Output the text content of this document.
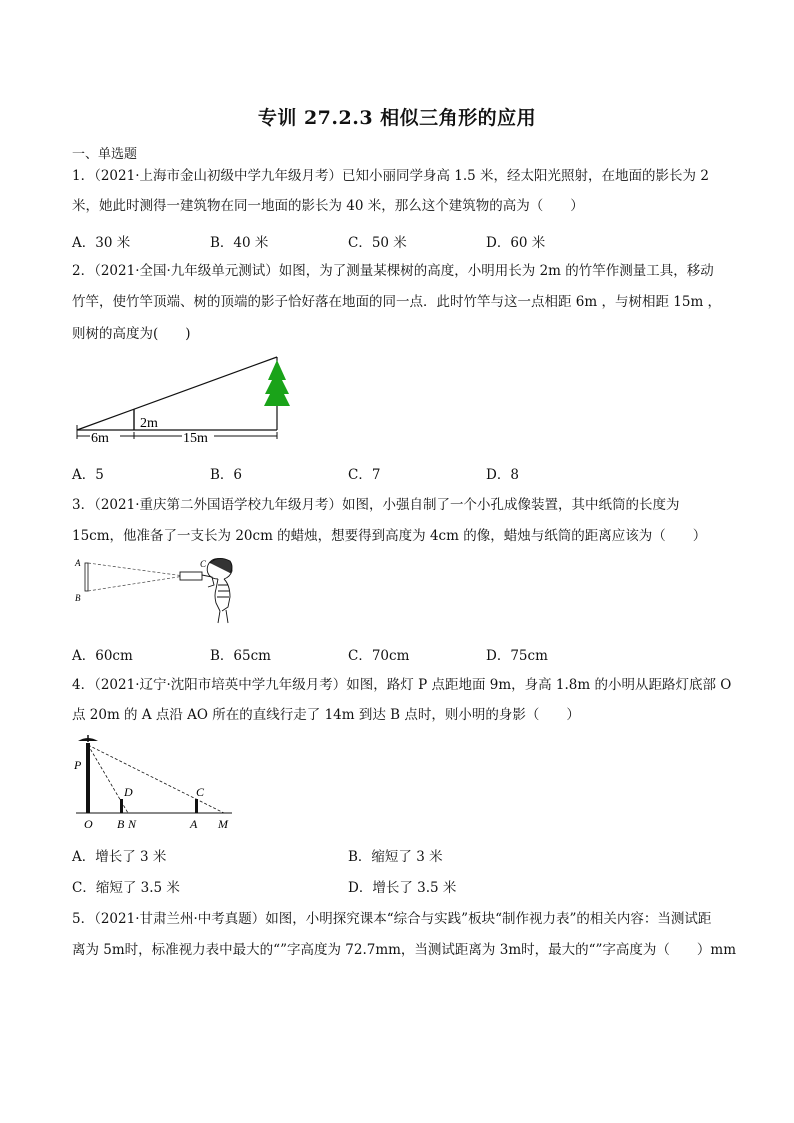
专训 27.2.3 相似三角形的应用
一、单选题
1．（2021·上海市金山初级中学九年级月考）已知小丽同学身高 1.5 米，经太阳光照射，在地面的影长为 2
米，她此时测得一建筑物在同一地面的影长为 40 米，那么这个建筑物的高为（　　）
A．30 米	B．40 米	C．50 米	D．60 米
2．（2021·全国·九年级单元测试）如图，为了测量某棵树的高度，小明用长为 2m 的竹竿作测量工具，移动
竹竿，使竹竿顶端、树的顶端的影子恰好落在地面的同一点．此时竹竿与这一点相距 6m ，与树相距 15m ，
则树的高度为(　　)
2m
6m	15m
A．5	B．6	C．7	D．8
3．（2021·重庆第二外国语学校九年级月考）如图，小强自制了一个小孔成像装置，其中纸筒的长度为
15cm，他准备了一支长为 20cm 的蜡烛，想要得到高度为 4cm 的像，蜡烛与纸筒的距离应该为（　　）
A
B
C
A．60cm	B．65cm	C．70cm	D．75cm
4．（2021·辽宁·沈阳市培英中学九年级月考）如图，路灯 P 点距地面 9m，身高 1.8m 的小明从距路灯底部 O
点 20m 的 A 点沿 AO 所在的直线行走了 14m 到达 B 点时，则小明的身影（　　）
P
O B N
D	C
A M
A．增长了 3 米	B．缩短了 3 米
C．缩短了 3.5 米	D．增长了 3.5 米
5．（2021·甘肃兰州·中考真题）如图，小明探究课本“综合与实践”板块“制作视力表”的相关内容：当测试距
离为 5m时，标准视力表中最大的“”字高度为 72.7mm，当测试距离为 3m时，最大的“”字高度为（　　）mm
